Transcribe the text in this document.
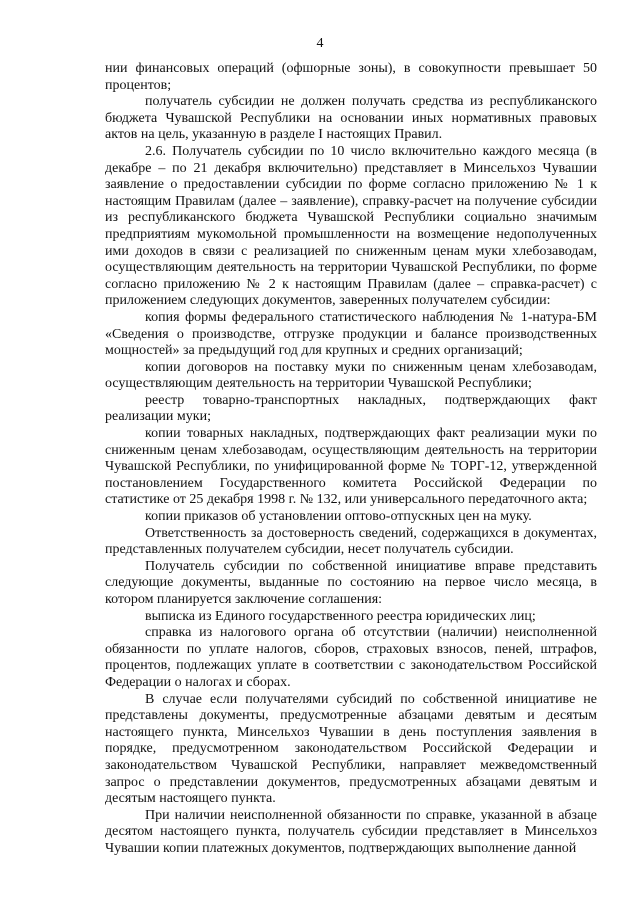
4

нии финансовых операций (офшорные зоны), в совокупности превышает 50 процентов;

получатель субсидии не должен получать средства из республиканского бюджета Чувашской Республики на основании иных нормативных правовых актов на цель, указанную в разделе I настоящих Правил.

2.6. Получатель субсидии по 10 число включительно каждого месяца (в декабре – по 21 декабря включительно) представляет в Минсельхоз Чувашии заявление о предоставлении субсидии по форме согласно приложению № 1 к настоящим Правилам (далее – заявление), справку-расчет на получение субсидии из республиканского бюджета Чувашской Республики социально значимым предприятиям мукомольной промышленности на возмещение недополученных ими доходов в связи с реализацией по сниженным ценам муки хлебозаводам, осуществляющим деятельность на территории Чувашской Республики, по форме согласно приложению № 2 к настоящим Правилам (далее – справка-расчет) с приложением следующих документов, заверенных получателем субсидии:

копия формы федерального статистического наблюдения № 1-натура-БМ «Сведения о производстве, отгрузке продукции и балансе производственных мощностей» за предыдущий год для крупных и средних организаций;

копии договоров на поставку муки по сниженным ценам хлебозаводам, осуществляющим деятельность на территории Чувашской Республики;

реестр товарно-транспортных накладных, подтверждающих факт реализации муки;

копии товарных накладных, подтверждающих факт реализации муки по сниженным ценам хлебозаводам, осуществляющим деятельность на территории Чувашской Республики, по унифицированной форме № ТОРГ-12, утвержденной постановлением Государственного комитета Российской Федерации по статистике от 25 декабря 1998 г. № 132, или универсального передаточного акта;

копии приказов об установлении оптово-отпускных цен на муку.

Ответственность за достоверность сведений, содержащихся в документах, представленных получателем субсидии, несет получатель субсидии.

Получатель субсидии по собственной инициативе вправе представить следующие документы, выданные по состоянию на первое число месяца, в котором планируется заключение соглашения:

выписка из Единого государственного реестра юридических лиц;

справка из налогового органа об отсутствии (наличии) неисполненной обязанности по уплате налогов, сборов, страховых взносов, пеней, штрафов, процентов, подлежащих уплате в соответствии с законодательством Российской Федерации о налогах и сборах.

В случае если получателями субсидий по собственной инициативе не представлены документы, предусмотренные абзацами девятым и десятым настоящего пункта, Минсельхоз Чувашии в день поступления заявления в порядке, предусмотренном законодательством Российской Федерации и законодательством Чувашской Республики, направляет межведомственный запрос о представлении документов, предусмотренных абзацами девятым и десятым настоящего пункта.

При наличии неисполненной обязанности по справке, указанной в абзаце десятом настоящего пункта, получатель субсидии представляет в Минсельхоз Чувашии копии платежных документов, подтверждающих выполнение данной
